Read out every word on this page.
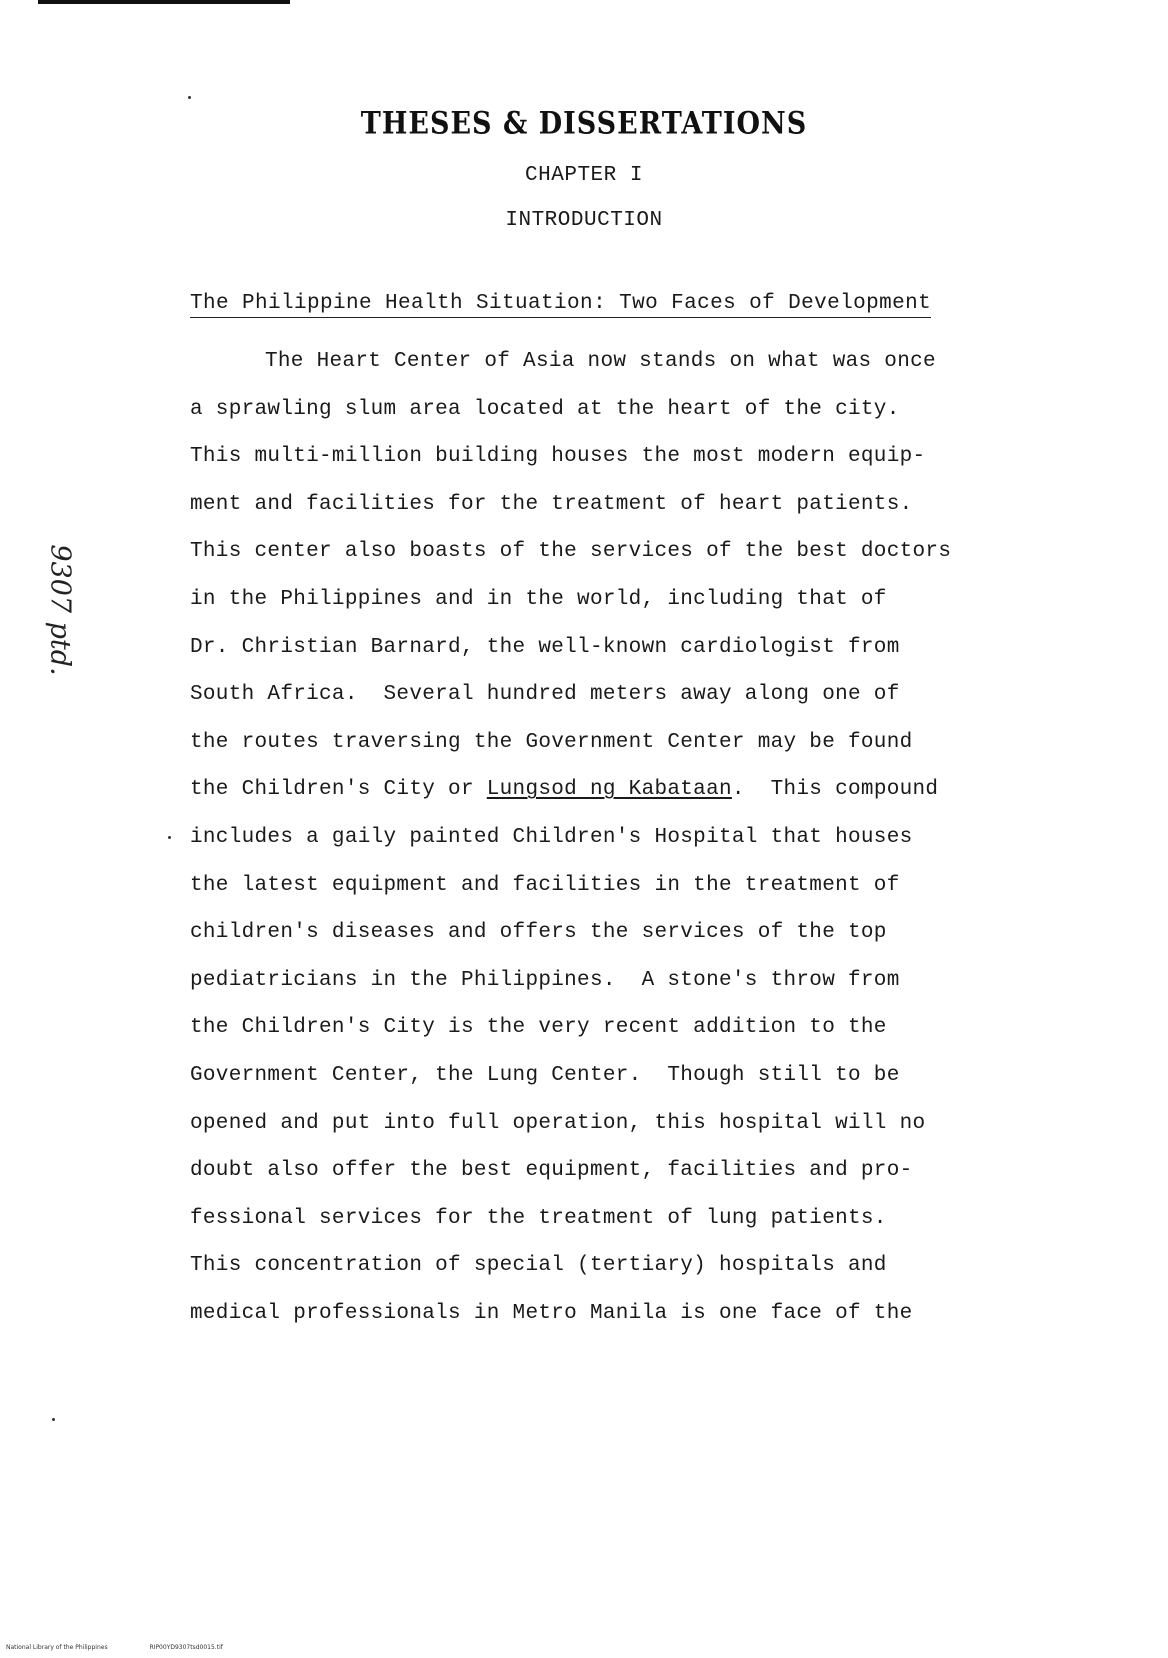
THESES & DISSERTATIONS
CHAPTER I
INTRODUCTION
The Philippine Health Situation: Two Faces of Development
The Heart Center of Asia now stands on what was once
a sprawling slum area located at the heart of the city.
This multi-million building houses the most modern equip-
ment and facilities for the treatment of heart patients.
This center also boasts of the services of the best doctors
in the Philippines and in the world, including that of
Dr. Christian Barnard, the well-known cardiologist from
South Africa.  Several hundred meters away along one of
the routes traversing the Government Center may be found
the Children's City or Lungsod ng Kabataan.  This compound
includes a gaily painted Children's Hospital that houses
the latest equipment and facilities in the treatment of
children's diseases and offers the services of the top
pediatricians in the Philippines.  A stone's throw from
the Children's City is the very recent addition to the
Government Center, the Lung Center.  Though still to be
opened and put into full operation, this hospital will no
doubt also offer the best equipment, facilities and pro-
fessional services for the treatment of lung patients.
This concentration of special (tertiary) hospitals and
medical professionals in Metro Manila is one face of the
9307 ptd.
National Library of the Philippines	RIP00YD9307tsd0015.tif
